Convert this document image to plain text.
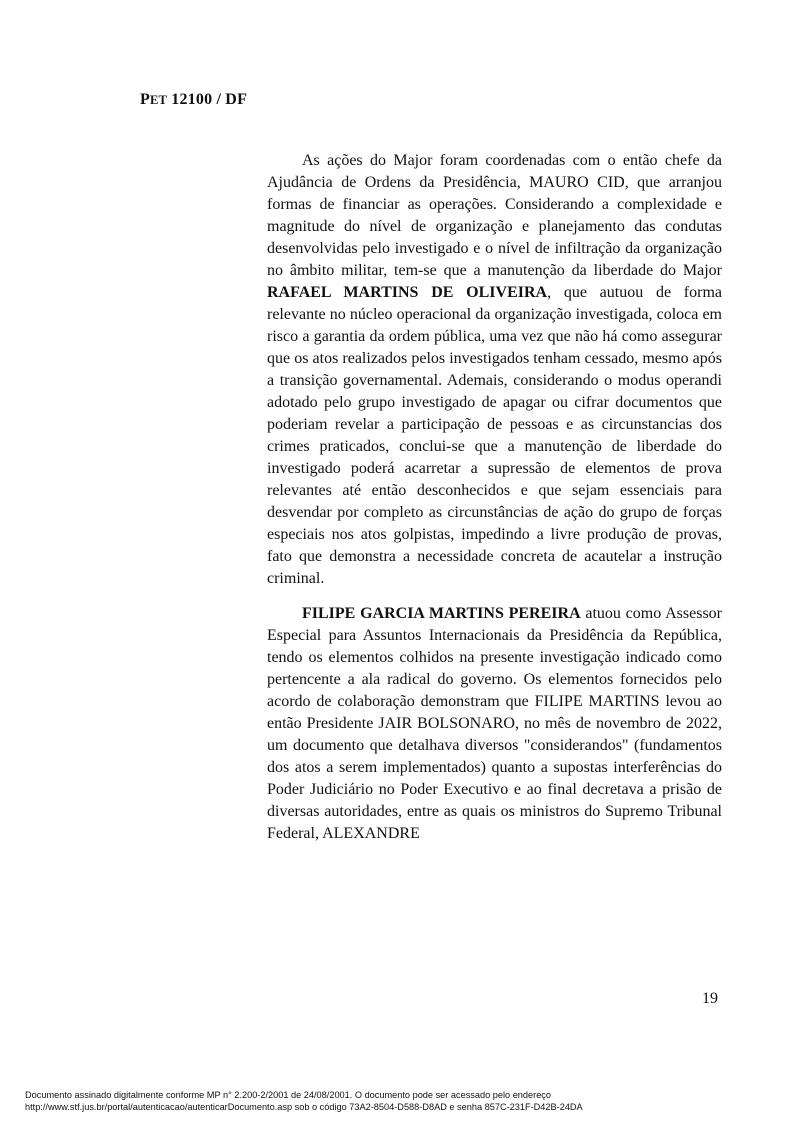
PET 12100 / DF

As ações do Major foram coordenadas com o então chefe da Ajudância de Ordens da Presidência, MAURO CID, que arranjou formas de financiar as operações. Considerando a complexidade e magnitude do nível de organização e planejamento das condutas desenvolvidas pelo investigado e o nível de infiltração da organização no âmbito militar, tem-se que a manutenção da liberdade do Major RAFAEL MARTINS DE OLIVEIRA, que autuou de forma relevante no núcleo operacional da organização investigada, coloca em risco a garantia da ordem pública, uma vez que não há como assegurar que os atos realizados pelos investigados tenham cessado, mesmo após a transição governamental. Ademais, considerando o modus operandi adotado pelo grupo investigado de apagar ou cifrar documentos que poderiam revelar a participação de pessoas e as circunstancias dos crimes praticados, conclui-se que a manutenção de liberdade do investigado poderá acarretar a supressão de elementos de prova relevantes até então desconhecidos e que sejam essenciais para desvendar por completo as circunstâncias de ação do grupo de forças especiais nos atos golpistas, impedindo a livre produção de provas, fato que demonstra a necessidade concreta de acautelar a instrução criminal.

FILIPE GARCIA MARTINS PEREIRA atuou como Assessor Especial para Assuntos Internacionais da Presidência da República, tendo os elementos colhidos na presente investigação indicado como pertencente a ala radical do governo. Os elementos fornecidos pelo acordo de colaboração demonstram que FILIPE MARTINS levou ao então Presidente JAIR BOLSONARO, no mês de novembro de 2022, um documento que detalhava diversos "considerandos" (fundamentos dos atos a serem implementados) quanto a supostas interferências do Poder Judiciário no Poder Executivo e ao final decretava a prisão de diversas autoridades, entre as quais os ministros do Supremo Tribunal Federal, ALEXANDRE

19
Documento assinado digitalmente conforme MP n° 2.200-2/2001 de 24/08/2001. O documento pode ser acessado pelo endereço
http://www.stf.jus.br/portal/autenticacao/autenticarDocumento.asp sob o código 73A2-8504-D588-D8AD e senha 857C-231F-D42B-24DA
